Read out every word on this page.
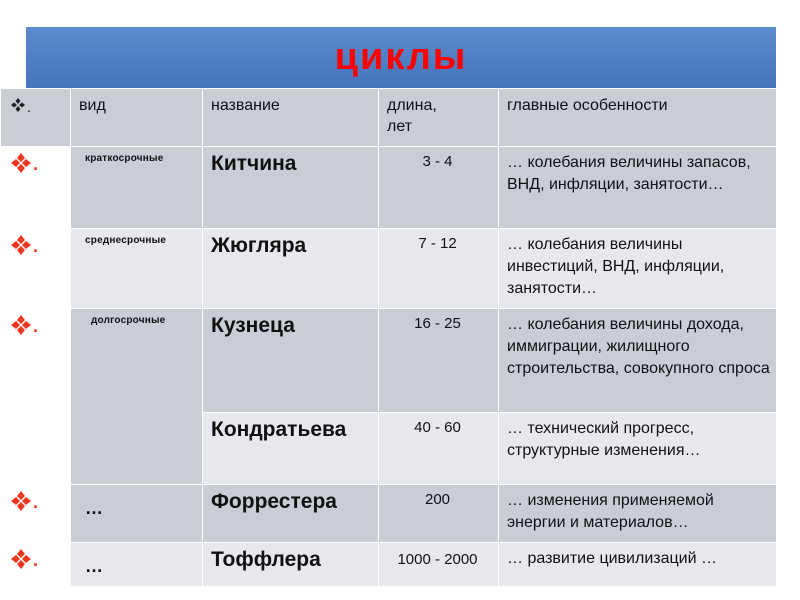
циклы
.	вид	название	длина, лет	главные особенности

.	краткосрочные	Китчина	3 - 4	… колебания величины запасов, ВНД, инфляции, занятости…

.	среднесрочные	Жюгляра	7 - 12	… колебания величины инвестиций, ВНД, инфляции, занятости…

.	долгосрочные	Кузнеца	16 - 25	… колебания величины дохода, иммиграции, жилищного строительства, совокупного спроса

		Кондратьева	40 - 60	… технический прогресс, структурные изменения…

.	…	Форрестера	200	… изменения применяемой энергии и материалов…

.	…	Тоффлера	1000 - 2000	… развитие цивилизаций …
